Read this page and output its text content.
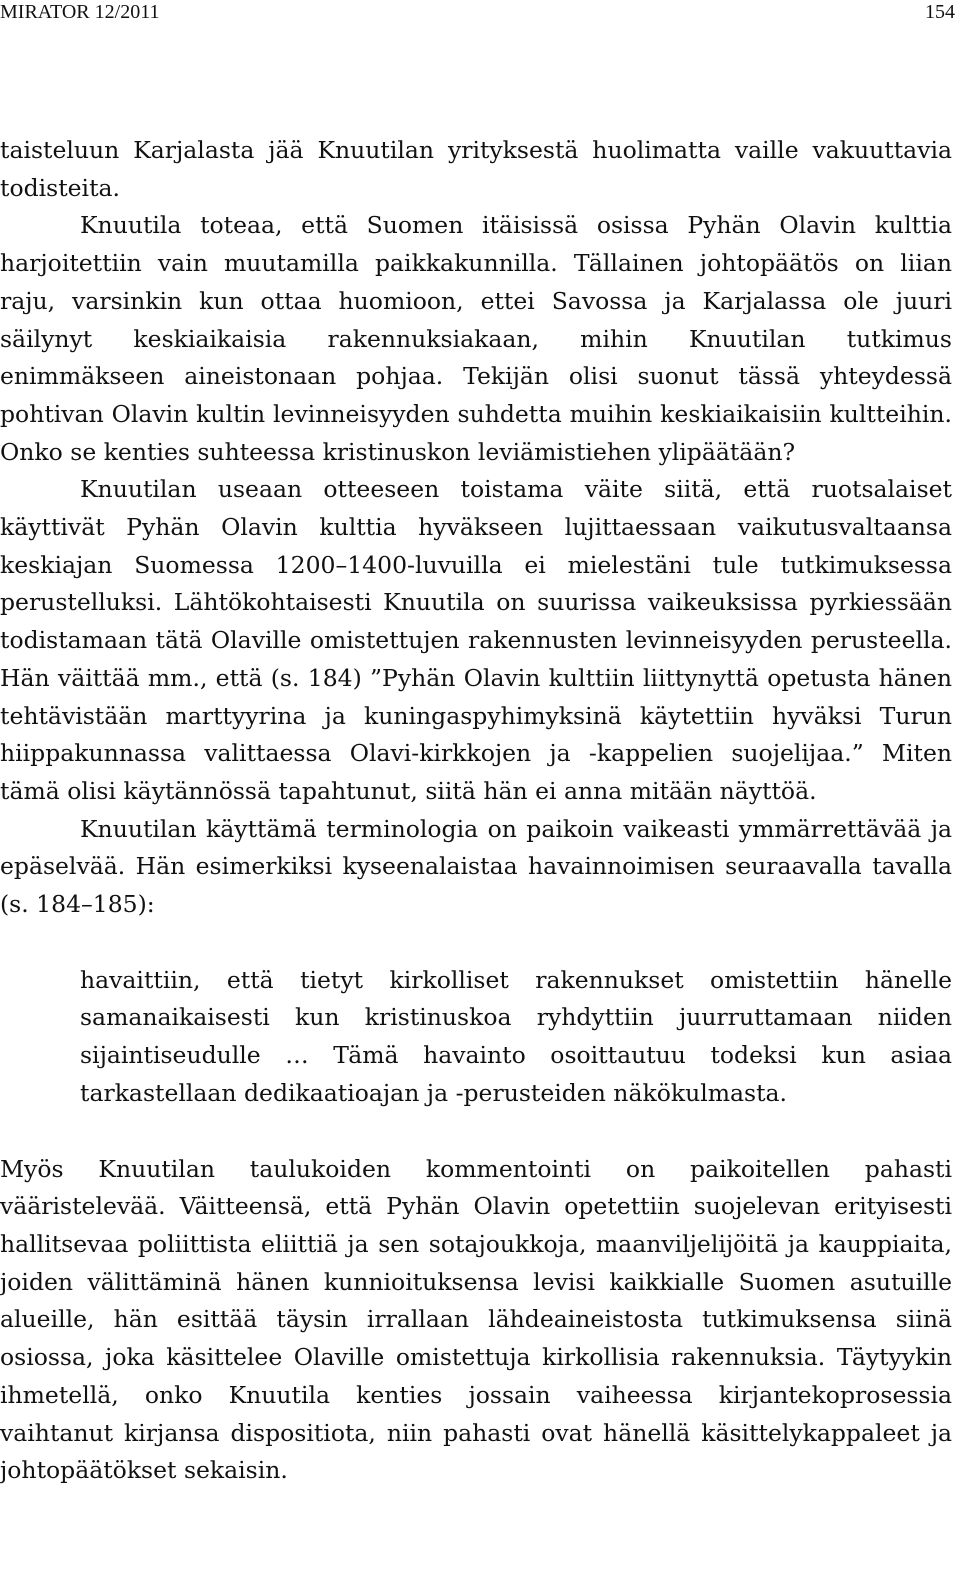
MIRATOR 12/2011	154

taisteluun Karjalasta jää Knuutilan yrityksestä huolimatta vaille vakuuttavia todisteita.

Knuutila toteaa, että Suomen itäisissä osissa Pyhän Olavin kulttia harjoitettiin vain muutamilla paikkakunnilla. Tällainen johtopäätös on liian raju, varsinkin kun ottaa huomioon, ettei Savossa ja Karjalassa ole juuri säilynyt keskiaikaisia rakennuksiakaan, mihin Knuutilan tutkimus enimmäkseen aineistonaan pohjaa. Tekijän olisi suonut tässä yhteydessä pohtivan Olavin kultin levinneisyyden suhdetta muihin keskiaikaisiin kultteihin. Onko se kenties suhteessa kristinuskon leviämistiehen ylipäätään?

Knuutilan useaan otteeseen toistama väite siitä, että ruotsalaiset käyttivät Pyhän Olavin kulttia hyväkseen lujittaessaan vaikutusvaltaansa keskiajan Suomessa 1200–1400-luvuilla ei mielestäni tule tutkimuksessa perustelluksi. Lähtökohtaisesti Knuutila on suurissa vaikeuksissa pyrkiessään todistamaan tätä Olaville omistettujen rakennusten levinneisyyden perusteella. Hän väittää mm., että (s. 184) ”Pyhän Olavin kulttiin liittynyttä opetusta hänen tehtävistään marttyyrina ja kuningaspyhimyksinä käytettiin hyväksi Turun hiippakunnassa valittaessa Olavi-kirkkojen ja -kappelien suojelijaa.” Miten tämä olisi käytännössä tapahtunut, siitä hän ei anna mitään näyttöä.

Knuutilan käyttämä terminologia on paikoin vaikeasti ymmärrettävää ja epäselvää. Hän esimerkiksi kyseenalaistaa havainnoimisen seuraavalla tavalla (s. 184–185):

havaittiin, että tietyt kirkolliset rakennukset omistettiin hänelle samanaikaisesti kun kristinuskoa ryhdyttiin juurruttamaan niiden sijaintiseudulle … Tämä havainto osoittautuu todeksi kun asiaa tarkastellaan dedikaatioajan ja -perusteiden näkökulmasta.

Myös Knuutilan taulukoiden kommentointi on paikoitellen pahasti vääristelevää. Väitteensä, että Pyhän Olavin opetettiin suojelevan erityisesti hallitsevaa poliittista eliittiä ja sen sotajoukkoja, maanviljelijöitä ja kauppiaita, joiden välittäminä hänen kunnioituksensa levisi kaikkialle Suomen asutuille alueille, hän esittää täysin irrallaan lähdeaineistosta tutkimuksensa siinä osiossa, joka käsittelee Olaville omistettuja kirkollisia rakennuksia. Täytyykin ihmetellä, onko Knuutila kenties jossain vaiheessa kirjantekoprosessia vaihtanut kirjansa dispositiota, niin pahasti ovat hänellä käsittelykappaleet ja johtopäätökset sekaisin.
